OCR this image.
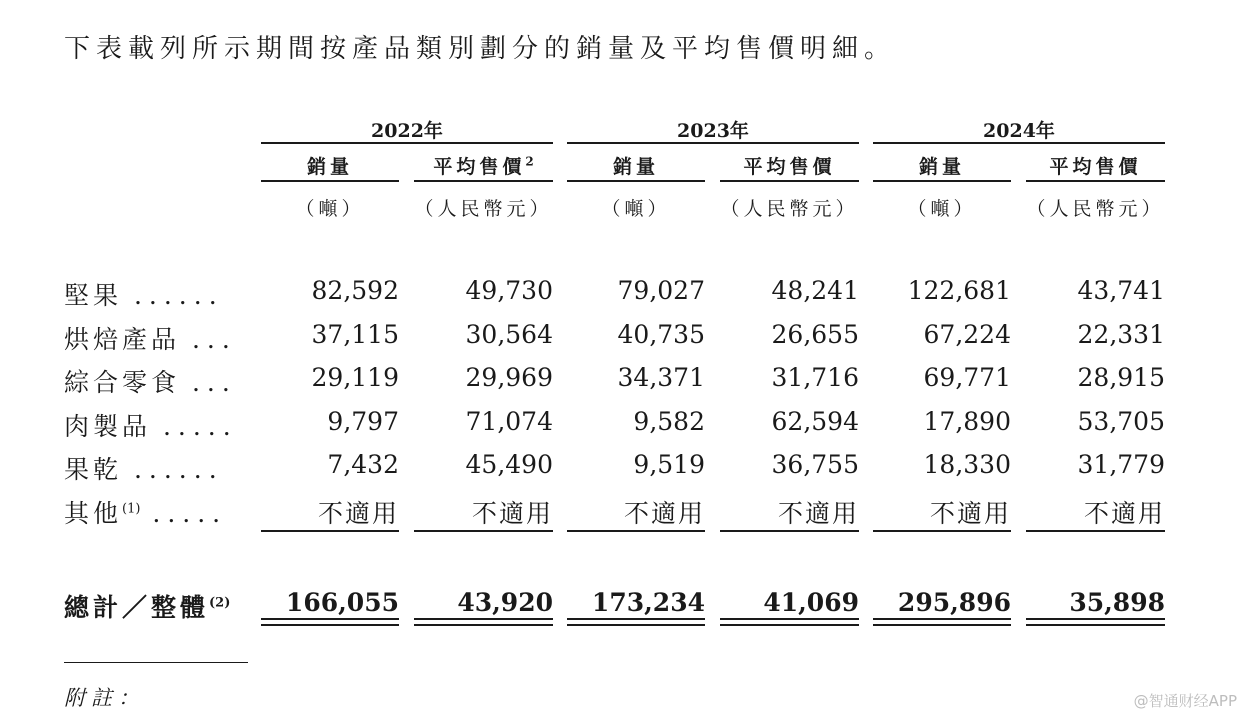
下表載列所示期間按產品類別劃分的銷量及平均售價明細。
2022年	2023年	2024年
銷量	平均售價$^2$	銷量	平均售價	銷量	平均售價
（噸）	（人民幣元）	（噸）	（人民幣元）	（噸）	（人民幣元）
堅果 ......	82,592	49,730	79,027	48,241	122,681	43,741
烘焙產品 ...	37,115	30,564	40,735	26,655	67,224	22,331
綜合零食 ...	29,119	29,969	34,371	31,716	69,771	28,915
肉製品 .....	9,797	71,074	9,582	62,594	17,890	53,705
果乾 ......	7,432	45,490	9,519	36,755	18,330	31,779
其他$^{(1)}$ .....	不適用	不適用	不適用	不適用	不適用	不適用
總計／整體$^{(2)}$	166,055	43,920	173,234	41,069	295,896	35,898
附註：	@智通财经APP
